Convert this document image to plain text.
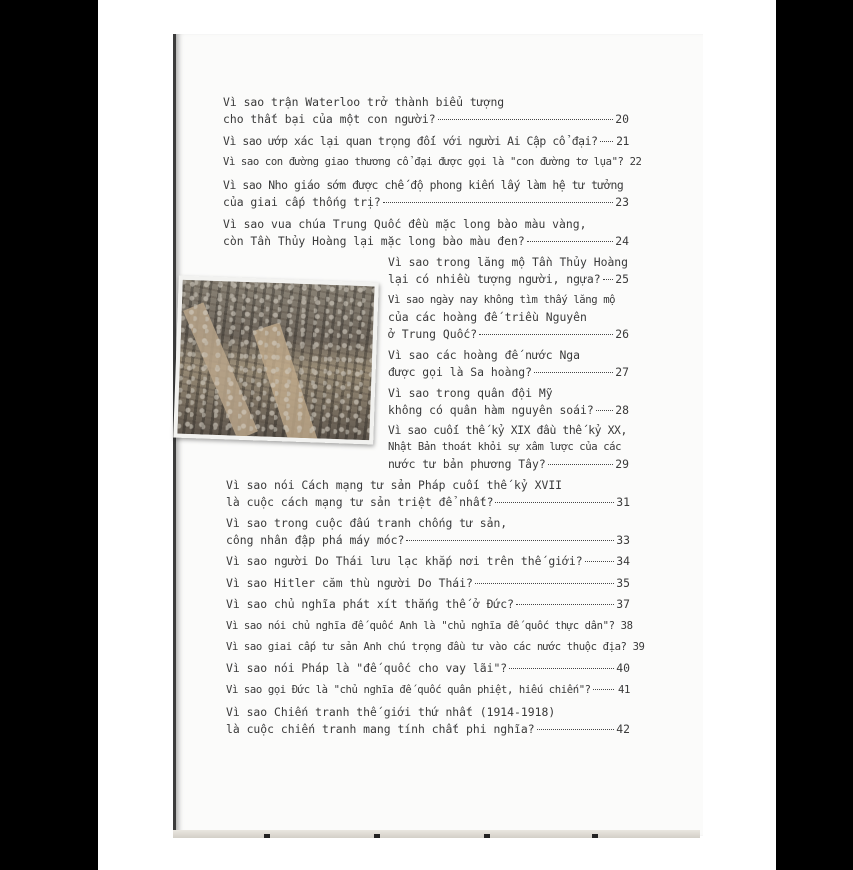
Vì sao trận Waterloo trở thành biểu tượng
cho thất bại của một con người?	20
Vì sao ướp xác lại quan trọng đối với người Ai Cập cổ đại? 21
Vì sao con đường giao thương cổ đại được gọi là "con đường tơ lụa"? 22
Vì sao Nho giáo sớm được chế độ phong kiến lấy làm hệ tư tưởng
của giai cấp thống trị?	23
Vì sao vua chúa Trung Quốc đều mặc long bào màu vàng,
còn Tần Thủy Hoàng lại mặc long bào màu đen?	24
Vì sao trong lăng mộ Tần Thủy Hoàng
lại có nhiều tượng người, ngựa? 25
Vì sao ngày nay không tìm thấy lăng mộ
của các hoàng đế triều Nguyên
ở Trung Quốc?	26
Vì sao các hoàng đế nước Nga
được gọi là Sa hoàng?	27
Vì sao trong quân đội Mỹ
không có quân hàm nguyên soái? 28
Vì sao cuối thế kỷ XIX đầu thế kỷ XX,
Nhật Bản thoát khỏi sự xâm lược của các
nước tư bản phương Tây?	29
Vì sao nói Cách mạng tư sản Pháp cuối thế kỷ XVII
là cuộc cách mạng tư sản triệt để nhất?	31
Vì sao trong cuộc đấu tranh chống tư sản,
công nhân đập phá máy móc?	33
Vì sao người Do Thái lưu lạc khắp nơi trên thế giới?	34
Vì sao Hitler căm thù người Do Thái?	35
Vì sao chủ nghĩa phát xít thắng thế ở Đức?	37
Vì sao nói chủ nghĩa đế quốc Anh là "chủ nghĩa đế quốc thực dân"? 38
Vì sao giai cấp tư sản Anh chú trọng đầu tư vào các nước thuộc địa? 39
Vì sao nói Pháp là "đế quốc cho vay lãi"?	40
Vì sao gọi Đức là "chủ nghĩa đế quốc quân phiệt, hiếu chiến"?	41
Vì sao Chiến tranh thế giới thứ nhất (1914-1918)
là cuộc chiến tranh mang tính chất phi nghĩa?	42
